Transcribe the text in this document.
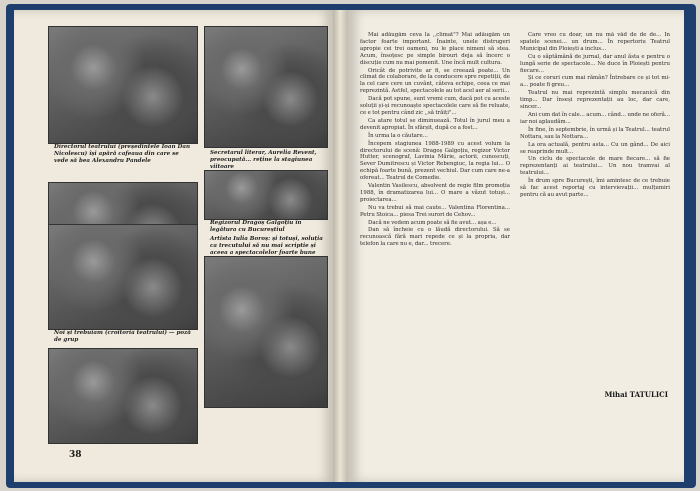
Directorul teatrului (președintele Ioan Dan Nicolescu) își apără cafeaua din care se vede să bea Alexandru Pandele
Secretarul literar, Aurelia Revent, preocupată... reține la stagiunea viitoare
Regizorul Dragoș Galgoțiu în legătura cu Bucureștiul
Artista Iulia Boroș: și totuși, soluția ca trecutului să nu mai scriptie și aceea a spectacolelor foarte bune
Noi și trebuiam (croitoria teatrului) — poză de grup
38

Mai adăugăm ceva la ,,climat"? Mai adăugăm un factor foarte important. Înainte, unele distrugeri apropie cei trei oameni, nu le place nimeni să stea. Acum, însoțesc pe simple birouri deja să încerc o discuție cum nu mai pomenit. Une încă mult cultura.

Oricât de potrivite ar fi, se creează poate... Un climat de colaborare, de la conducere spre repetiții, de la cel care cere un cuvânt, câteva echipe, ceea ce mai reprezintă. Astfel, spectacolele au tot acel aer al serii...

Dacă pot spune, sunt vremi cum, dacă pot cu aceste soluții și-și recunoaște spectacolele care să fie reluate, ce e tot pentru când zic ,,să trăiți"...

Ca atare totul se diminuează. Totul în jurul meu a devenit apropiat. În sfârșit, după ce a fost...

În urma la o căutare...

Începem stagiunea 1988-1989 cu acest volum la directorului de scenă: Dragoș Galgoțiu, regizor Victor Hutter, scenograf, Lavinia Mărie, actorii, cunoscuți, Sever Dumitrescu și Victor Rebengiuc, la regia lui... O echipă foarte bună, prezent vechiul. Dar cum care ne-a ofereat... Teatrul de Comedie.

Valentin Vasilescu, absolvent de regie film promoția 1988, în dramatizarea lui... O mare a văzut totuși... proiectarea...

Nu va trebui să mai caute... Valentina Florentina... Petru Stoica... piesa Trei surori de Cehov...

Dacă ne vedem acum poate să fie avut... așa e...

Dan să încheie cu o lăudă directorului. Să se recunoască fără mari repede ce și la propria, dar telefon la care nu e, dar... trecere.

Care vreo cu doar, un nu mă văd de de de... În spatele scenei... un drum... În repertoriu Teatrul Municipal din Ploiești a inclus...

Cu o săptămână de jurnal, dar anul ăsta e pentru o lungă serie de spectacole... Ne duce în Ploiești pentru fiecare...

Și ce coruri cum mai rămân? Întrebare ce și tot mi-a... poate fi greu...

Teatrul nu mai reprezintă simplu mecanică din timp... Dar înseși reprezentații au loc, dar care, sincer...

Ani cum dat în cale... acum... când... unde ne oferă... iar noi aplaudăm...

În fine, în septembrie, în urmă și la Teatrul... teatrul Nottara, sau la Nottara...

La ora actuală, pentru asta... Cu un gând... De aici se reaprinde mult...

Un ciclu de spectacole de mare fiecare... să fie reprezentanți ai teatrului... Un nou tramvai al teatrului...

În drum spre București, îmi amintesc de ce trebuie să fac acest reportaj cu intervievații... mulțumiri pentru că au avut parte...

Mihai TATULICI
